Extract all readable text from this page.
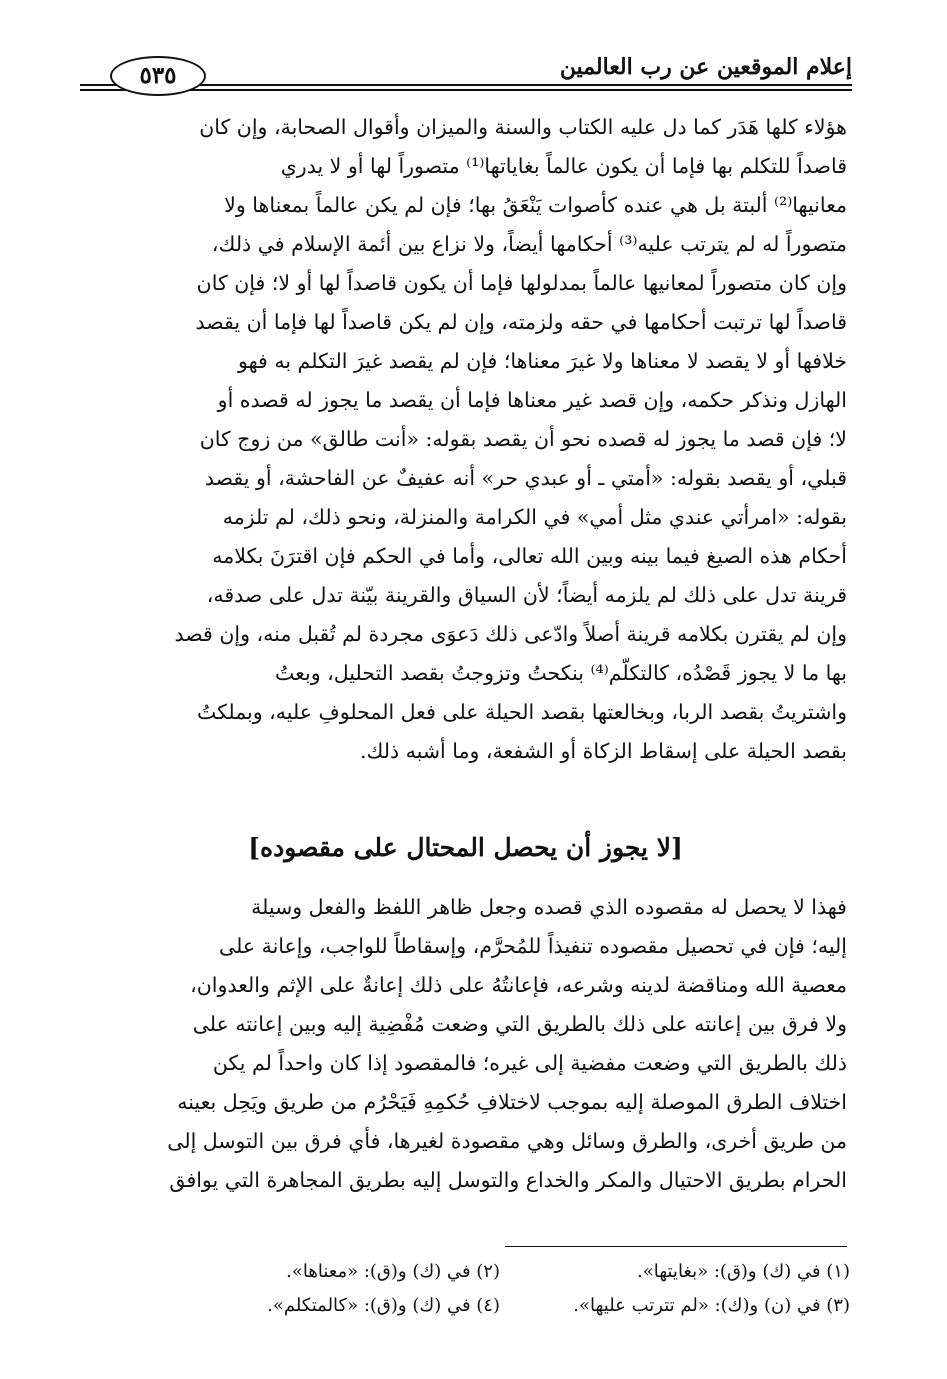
إعلام الموقعين عن رب العالمين
٥٣٥
هؤلاء كلها هَدَر كما دل عليه الكتاب والسنة والميزان وأقوال الصحابة، وإن كان
قاصداً للتكلم بها فإما أن يكون عالماً بغاياتها⁽¹⁾ متصوراً لها أو لا يدري
معانيها⁽²⁾ ألبتة بل هي عنده كأصوات يَنْعَقُ بها؛ فإن لم يكن عالماً بمعناها ولا
متصوراً له لم يترتب عليه⁽³⁾ أحكامها أيضاً، ولا نزاع بين أئمة الإسلام في ذلك،
وإن كان متصوراً لمعانيها عالماً بمدلولها فإما أن يكون قاصداً لها أو لا؛ فإن كان
قاصداً لها ترتبت أحكامها في حقه ولزمته، وإن لم يكن قاصداً لها فإما أن يقصد
خلافها أو لا يقصد لا معناها ولا غيرَ معناها؛ فإن لم يقصد غيرَ التكلم به فهو
الهازل ونذكر حكمه، وإن قصد غير معناها فإما أن يقصد ما يجوز له قصده أو
لا؛ فإن قصد ما يجوز له قصده نحو أن يقصد بقوله: «أنت طالق» من زوج كان
قبلي، أو يقصد بقوله: «أمتي ـ أو عبدي حر» أنه عفيفٌ عن الفاحشة، أو يقصد
بقوله: «امرأتي عندي مثل أمي» في الكرامة والمنزلة، ونحو ذلك، لم تلزمه
أحكام هذه الصيغ فيما بينه وبين الله تعالى، وأما في الحكم فإن اقترَنَ بكلامه
قرينة تدل على ذلك لم يلزمه أيضاً؛ لأن السياق والقرينة بيّنة تدل على صدقه،
وإن لم يقترن بكلامه قرينة أصلاً وادّعى ذلك دَعوَى مجردة لم تُقبل منه، وإن قصد
بها ما لا يجوز قَصْدُه، كالتكلّم⁽⁴⁾ بنكحتُ وتزوجتُ بقصد التحليل، وبعتُ
واشتريتُ بقصد الربا، وبخالعتها بقصد الحيلة على فعل المحلوفِ عليه، وبملكتُ
بقصد الحيلة على إسقاط الزكاة أو الشفعة، وما أشبه ذلك.
[لا يجوز أن يحصل المحتال على مقصوده]
فهذا لا يحصل له مقصوده الذي قصده وجعل ظاهر اللفظ والفعل وسيلة
إليه؛ فإن في تحصيل مقصوده تنفيذاً للمُحرَّم، وإسقاطاً للواجب، وإعانة على
معصية الله ومناقضة لدينه وشرعه، فإعانتُهُ على ذلك إعانةٌ على الإثم والعدوان،
ولا فرق بين إعانته على ذلك بالطريق التي وضعت مُفْضِية إليه وبين إعانته على
ذلك بالطريق التي وضعت مفضية إلى غيره؛ فالمقصود إذا كان واحداً لم يكن
اختلاف الطرق الموصلة إليه بموجب لاختلافِ حُكمِهِ فَيَحْرُم من طريق ويَحِل بعينه
من طريق أخرى، والطرق وسائل وهي مقصودة لغيرها، فأي فرق بين التوسل إلى
الحرام بطريق الاحتيال والمكر والخداع والتوسل إليه بطريق المجاهرة التي يوافق
(١) في (ك) و(ق): «بغايتها».
(٢) في (ك) و(ق): «معناها».
(٣) في (ن) و(ك): «لم تترتب عليها».
(٤) في (ك) و(ق): «كالمتكلم».
